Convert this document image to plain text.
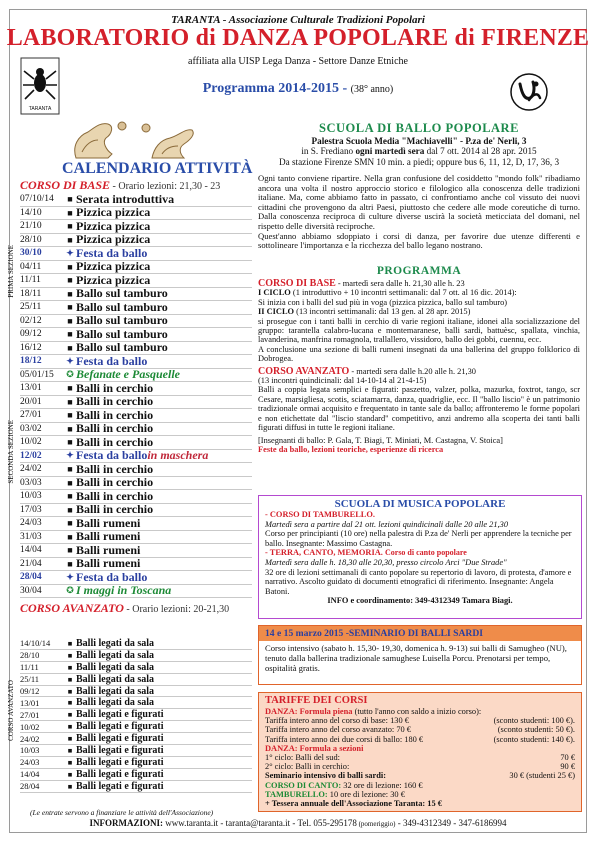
TARANTA - Associazione Culturale Tradizioni Popolari
LABORATORIO di DANZA POPOLARE di FIRENZE
affiliata alla UISP Lega Danza - Settore Danze Etniche
Programma 2014-2015 - (38° anno)
TARANTA
CALENDARIO ATTIVITÀ
CORSO DI BASE - Orario lezioni: 21,30 - 23
07/10/14	■ Serata introduttiva
14/10	■ Pizzica pizzica
21/10	■ Pizzica pizzica
28/10	■ Pizzica pizzica
30/10	✦ Festa da ballo
04/11	■ Pizzica pizzica
11/11	■ Pizzica pizzica
18/11	■ Ballo sul tamburo
25/11	■ Ballo sul tamburo
02/12	■ Ballo sul tamburo
09/12	■ Ballo sul tamburo
16/12	■ Ballo sul tamburo
18/12	✦ Festa da ballo
05/01/15	✪ Befanate e Pasquelle
13/01	■ Balli in cerchio
20/01	■ Balli in cerchio
27/01	■ Balli in cerchio
03/02	■ Balli in cerchio
10/02	■ Balli in cerchio
12/02	✦ Festa da ballo in maschera
24/02	■ Balli in cerchio
03/03	■ Balli in cerchio
10/03	■ Balli in cerchio
17/03	■ Balli in cerchio
24/03	■ Balli rumeni
31/03	■ Balli rumeni
14/04	■ Balli rumeni
21/04	■ Balli rumeni
28/04	✦ Festa da ballo
30/04	✪ I maggi in Toscana
PRIMA SEZIONE
SECONDA SEZIONE
CORSO AVANZATO - Orario lezioni: 20-21,30
14/10/14	■ Balli legati da sala
28/10	■ Balli legati da sala
11/11	■ Balli legati da sala
25/11	■ Balli legati da sala
09/12	■ Balli legati da sala
13/01	■ Balli legati da sala
27/01	■ Balli legati e figurati
10/02	■ Balli legati e figurati
24/02	■ Balli legati e figurati
10/03	■ Balli legati e figurati
24/03	■ Balli legati e figurati
14/04	■ Balli legati e figurati
28/04	■ Balli legati e figurati
CORSO AVANZATO
(Le entrate servono a finanziare le attività dell'Associazione)
SCUOLA DI BALLO POPOLARE
Palestra Scuola Media "Machiavelli" - P.za de' Nerli, 3
in S. Frediano ogni martedì sera dal 7 ott. 2014 al 28 apr. 2015
Da stazione Firenze SMN 10 min. a piedi; oppure bus 6, 11, 12, D, 17, 36, 3
Ogni tanto conviene ripartire. Nella gran confusione del cosiddetto "mondo folk" ribadiamo ancora una volta il nostro approccio storico e filologico alla conoscenza delle tradizioni italiane. Ma, come abbiamo fatto in passato, ci confrontiamo anche col vissuto dei nuovi cittadini che provengono da altri Paesi, piuttosto che cedere alle mode coreutiche di turno. Dalla conoscenza reciproca di culture diverse uscirà la società meticciata del domani, nel rispetto delle diversità reciproche.
Quest'anno abbiamo sdoppiato i corsi di danza, per favorire due utenze differenti e sottolineare l'importanza e la ricchezza del ballo legano nostrano.
PROGRAMMA
CORSO DI BASE - martedì sera dalle h. 21,30 alle h. 23
I CICLO (1 introduttivo + 10 incontri settimanali: dal 7 ott. al 16 dic. 2014):
Si inizia con i balli del sud più in voga (pizzica pizzica, ballo sul tamburo)
II CICLO (13 incontri settimanali: dal 13 gen. al 28 apr. 2015)
si prosegue con i tanti balli in cerchio di varie regioni italiane, idonei alla socializzazione del gruppo: tarantella calabro-lucana e montemaranese, balli sardi, battuèsc, spallata, vinchia, lavanderina, manfrina romagnola, trallallero, vissidoro, ballo dei gobbi, cuennu, ecc.
A conclusione una sezione di balli rumeni insegnati da una ballerina del gruppo folklorico di Dobrogea.
CORSO AVANZATO - martedì sera dalle h.20 alle h. 21,30
(13 incontri quindicinali: dal 14-10-14 al 21-4-15)
Balli a coppia legata semplici e figurati: paszetto, valzer, polka, mazurka, foxtrot, tango, scr Cesare, marsigliesa, scotis, sciatamarra, danza, quadriglie, ecc. Il "ballo liscio" è un patrimonio tradizionale ormai acquisito e frequentato in tante sale da ballo; affronteremo le forme popolari e non etichettate dal "liscio standard" competitivo, anzi andremo alla scoperta dei tanti balli figurati diffusi in tutte le regioni italiane.
[Insegnanti di ballo: P. Gala, T. Biagi, T. Miniati, M. Castagna, V. Stoica]
Feste da ballo, lezioni teoriche, esperienze di ricerca
SCUOLA DI MUSICA POPOLARE
- CORSO DI TAMBURELLO.
Martedì sera a partire dal 21 ott. lezioni quindicinali dalle 20 alle 21,30
Corso per principianti (10 ore) nella palestra di P.za de' Nerli per apprendere la tecniche per ballo. Insegnante: Massimo Castagna.
- TERRA, CANTO, MEMORIA. Corso di canto popolare
Martedì sera dalle h. 18,30 alle 20,30, presso circolo Arci "Due Strade"
32 ore di lezioni settimanali di canto popolare su repertorio di lavoro, di protesta, d'amore e narrativo. Ascolto guidato di documenti etnografici di riferimento. Insegnante: Angela Batoni.
INFO e coordinamento: 349-4312349 Tamara Biagi.
14 e 15 marzo 2015 -SEMINARIO DI BALLI SARDI
Corso intensivo (sabato h. 15,30- 19,30, domenica h. 9-13) sui balli di Samugheo (NU), tenuto dalla ballerina tradizionale samughese Luisella Porcu. Prenotarsi per tempo, ospitalità gratis.
TARIFFE DEI CORSI
DANZA: Formula piena (tutto l'anno con saldo a inizio corso):
Tariffa intero anno del corso di base: 130 €	(sconto studenti: 100 €).
Tariffa intero anno del corso avanzato: 70 €	(sconto studenti: 50 €).
Tariffa intero anno dei due corsi di ballo: 180 €	(sconto studenti: 140 €).
DANZA: Formula a sezioni
1° ciclo: Balli del sud:	70 €
2° ciclo: Balli in cerchio:	90 €
Seminario intensivo di balli sardi:	30 € (studenti 25 €)
CORSO DI CANTO: 32 ore di lezione: 160 €
TAMBURELLO: 10 ore di lezione: 30 €
+ Tessera annuale dell'Associazione Taranta: 15 €
INFORMAZIONI: www.taranta.it - taranta@taranta.it - Tel. 055-295178 (pomeriggio) - 349-4312349 - 347-6186994
